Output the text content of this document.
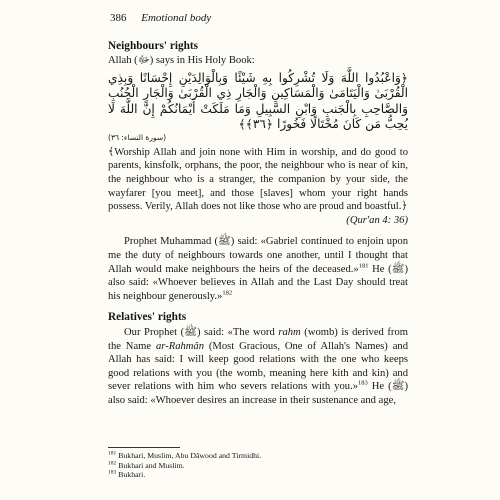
386 Emotional body
Neighbours' rights

Allah (ﷻ) says in His Holy Book:

﴿وَاعْبُدُوا اللَّهَ وَلَا تُشْرِكُوا بِهِ شَيْئًا وَبِالْوَالِدَيْنِ إِحْسَانًا وَبِذِي الْقُرْبَىٰ وَالْيَتَامَىٰ وَالْمَسَاكِينِ وَالْجَارِ ذِي الْقُرْبَىٰ وَالْجَارِ الْجُنُبِ وَالصَّاحِبِ بِالْجَنبِ وَابْنِ السَّبِيلِ وَمَا مَلَكَتْ أَيْمَانُكُمْ إِنَّ اللَّهَ لَا يُحِبُّ مَن كَانَ مُخْتَالًا فَخُورًا ﴿٣٦﴾﴾

(سورة النساء: ٣٦)

﴾Worship Allah and join none with Him in worship, and do good to parents, kinsfolk, orphans, the poor, the neighbour who is near of kin, the neighbour who is a stranger, the companion by your side, the wayfarer [you meet], and those [slaves] whom your right hands possess. Verily, Allah does not like those who are proud and boastful.﴿

(Qur'an 4: 36)

Prophet Muhammad (ﷺ) said: «Gabriel continued to enjoin upon me the duty of neighbours towards one another, until I thought that Allah would make neighbours the heirs of the deceased.»$^{181}$ He (ﷺ) also said: «Whoever believes in Allah and the Last Day should treat his neighbour generously.»$^{182}$

Relatives' rights

Our Prophet (ﷺ) said: «The word rahm (womb) is derived from the Name ar-Rahmân (Most Gracious, One of Allah's Names) and Allah has said: I will keep good relations with the one who keeps good relations with you (the womb, meaning here kith and kin) and sever relations with him who severs relations with you.»$^{183}$ He (ﷺ) also said: «Whoever desires an increase in their sustenance and age,

$^{181}$ Bukhari, Muslim, Abu Dâwood and Tirmidhi.
$^{182}$ Bukhari and Muslim.
$^{183}$ Bukhari.
